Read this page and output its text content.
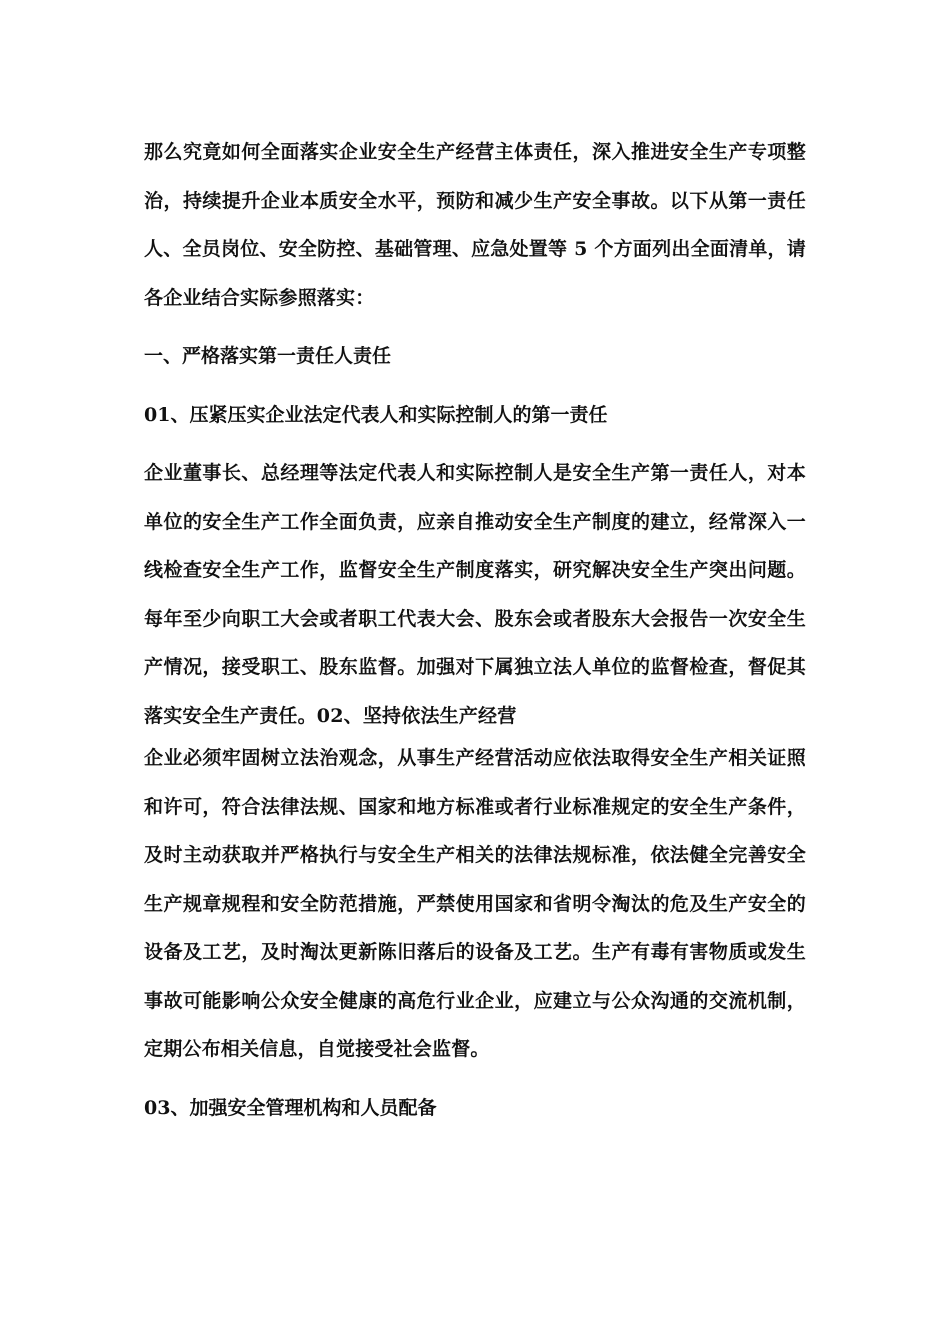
那么究竟如何全面落实企业安全生产经营主体责任，深入推进安全生产专项整治，持续提升企业本质安全水平，预防和减少生产安全事故。以下从第一责任人、全员岗位、安全防控、基础管理、应急处置等 5 个方面列出全面清单，请各企业结合实际参照落实：

一、严格落实第一责任人责任

01、压紧压实企业法定代表人和实际控制人的第一责任

企业董事长、总经理等法定代表人和实际控制人是安全生产第一责任人，对本单位的安全生产工作全面负责，应亲自推动安全生产制度的建立，经常深入一线检查安全生产工作，监督安全生产制度落实，研究解决安全生产突出问题。每年至少向职工大会或者职工代表大会、股东会或者股东大会报告一次安全生产情况，接受职工、股东监督。加强对下属独立法人单位的监督检查，督促其落实安全生产责任。02、坚持依法生产经营

企业必须牢固树立法治观念，从事生产经营活动应依法取得安全生产相关证照和许可，符合法律法规、国家和地方标准或者行业标准规定的安全生产条件，及时主动获取并严格执行与安全生产相关的法律法规标准，依法健全完善安全生产规章规程和安全防范措施，严禁使用国家和省明令淘汰的危及生产安全的设备及工艺，及时淘汰更新陈旧落后的设备及工艺。生产有毒有害物质或发生事故可能影响公众安全健康的高危行业企业，应建立与公众沟通的交流机制，定期公布相关信息，自觉接受社会监督。

03、加强安全管理机构和人员配备
